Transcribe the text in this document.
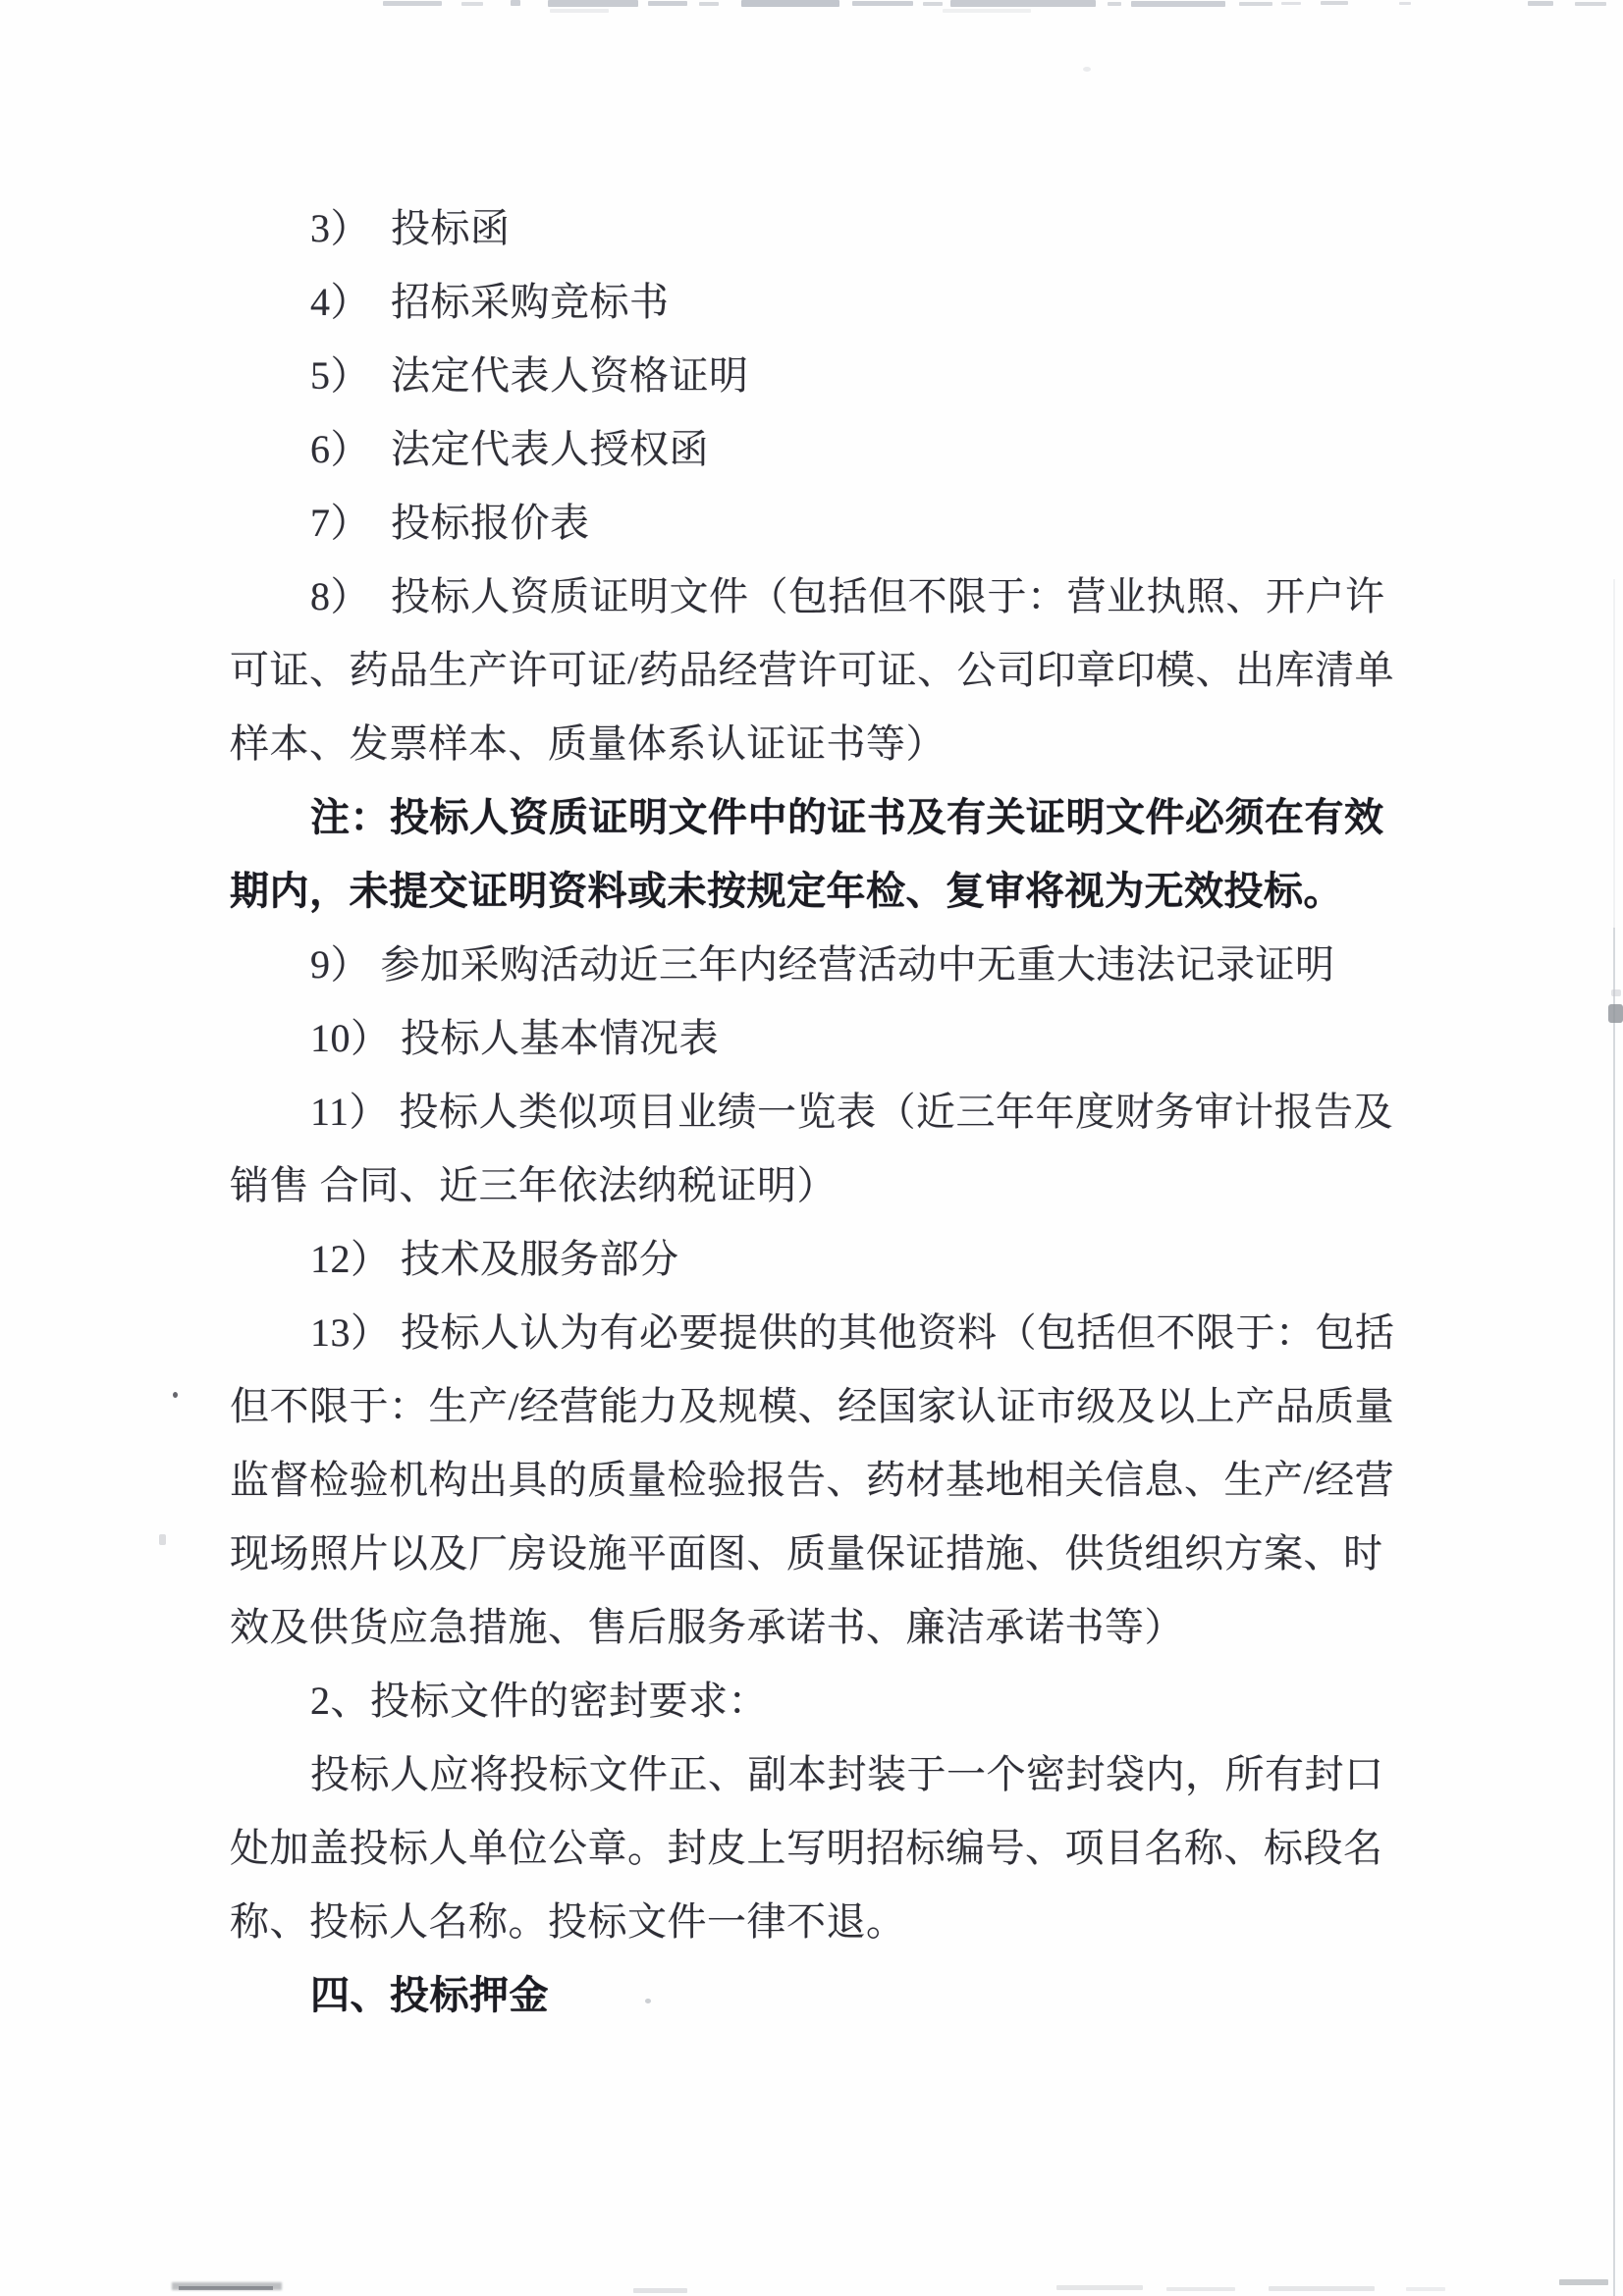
3）  投标函
4）  招标采购竞标书
5）  法定代表人资格证明
6）  法定代表人授权函
7）  投标报价表
8）  投标人资质证明文件（包括但不限于：营业执照、开户许
可证、药品生产许可证/药品经营许可证、公司印章印模、出库清单
样本、发票样本、质量体系认证证书等）
注：投标人资质证明文件中的证书及有关证明文件必须在有效
期内，未提交证明资料或未按规定年检、复审将视为无效投标。
9） 参加采购活动近三年内经营活动中无重大违法记录证明
10） 投标人基本情况表
11） 投标人类似项目业绩一览表（近三年年度财务审计报告及
销售 合同、近三年依法纳税证明）
12） 技术及服务部分
13） 投标人认为有必要提供的其他资料（包括但不限于：包括
但不限于：生产/经营能力及规模、经国家认证市级及以上产品质量
监督检验机构出具的质量检验报告、药材基地相关信息、生产/经营
现场照片以及厂房设施平面图、质量保证措施、供货组织方案、时
效及供货应急措施、售后服务承诺书、廉洁承诺书等）
2、投标文件的密封要求：
投标人应将投标文件正、副本封装于一个密封袋内，所有封口
处加盖投标人单位公章。封皮上写明招标编号、项目名称、标段名
称、投标人名称。投标文件一律不退。
四、投标押金
